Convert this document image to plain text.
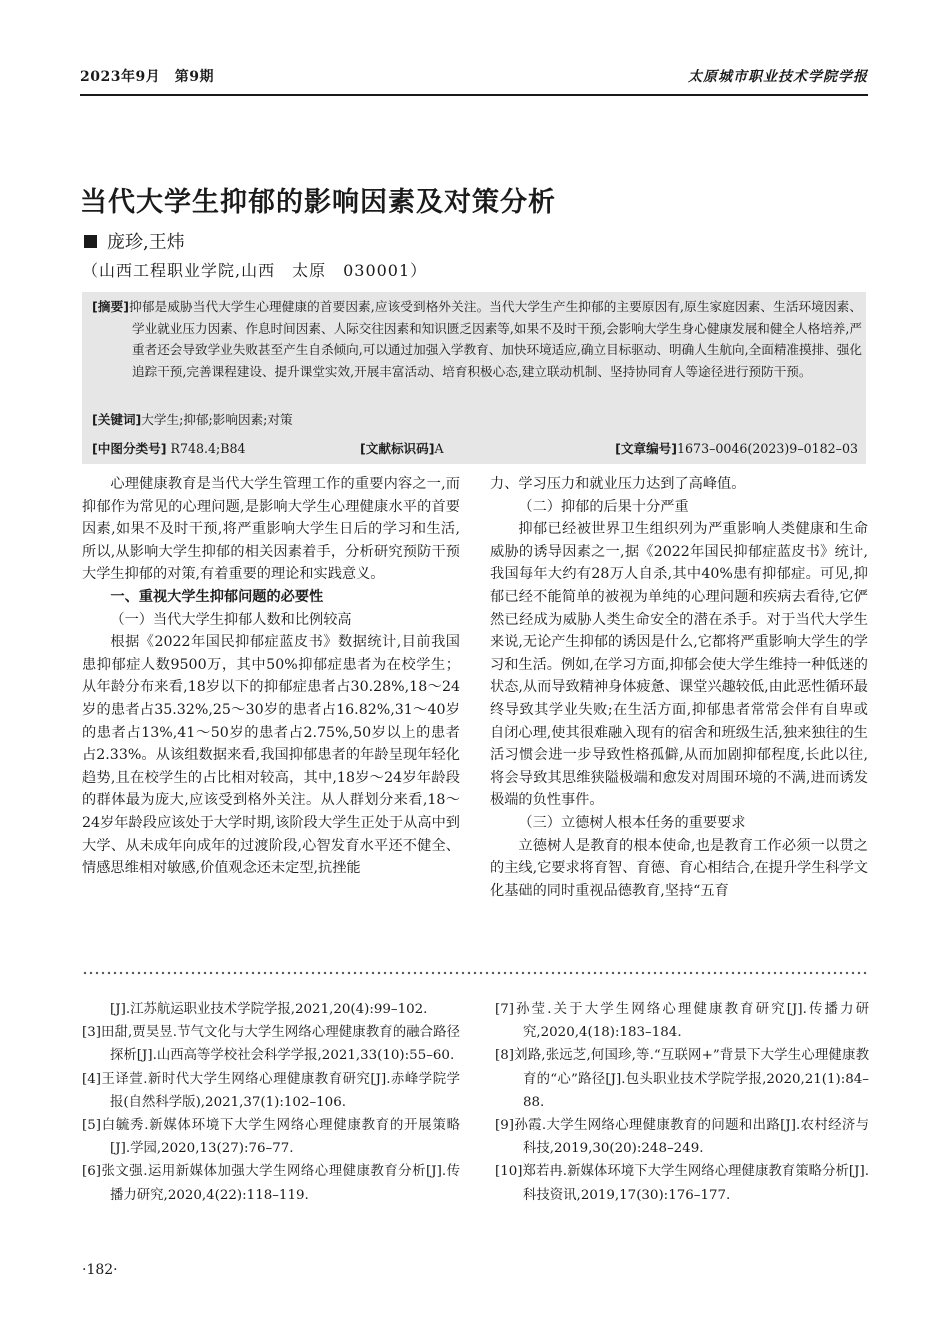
2023年9月　第9期	太原城市职业技术学院学报
当代大学生抑郁的影响因素及对策分析
庞珍,王炜
（山西工程职业学院,山西　太原　030001）
[摘要]抑郁是威胁当代大学生心理健康的首要因素,应该受到格外关注。当代大学生产生抑郁的主要原因有,原生家庭因素、生活环境因素、学业就业压力因素、作息时间因素、人际交往因素和知识匮乏因素等,如果不及时干预,会影响大学生身心健康发展和健全人格培养,严重者还会导致学业失败甚至产生自杀倾向,可以通过加强入学教育、加快环境适应,确立目标驱动、明确人生航向,全面精准摸排、强化追踪干预,完善课程建设、提升课堂实效,开展丰富活动、培育积极心态,建立联动机制、坚持协同育人等途径进行预防干预。
[关键词]大学生;抑郁;影响因素;对策
[中图分类号] R748.4;B84	[文献标识码]A	[文章编号]1673–0046(2023)9–0182–03

心理健康教育是当代大学生管理工作的重要内容之一,而抑郁作为常见的心理问题,是影响大学生心理健康水平的首要因素,如果不及时干预,将严重影响大学生日后的学习和生活,所以,从影响大学生抑郁的相关因素着手，分析研究预防干预大学生抑郁的对策,有着重要的理论和实践意义。

一、重视大学生抑郁问题的必要性

（一）当代大学生抑郁人数和比例较高

根据《2022年国民抑郁症蓝皮书》数据统计,目前我国患抑郁症人数9500万，其中50%抑郁症患者为在校学生；从年龄分布来看,18岁以下的抑郁症患者占30.28%,18～24岁的患者占35.32%,25～30岁的患者占16.82%,31～40岁的患者占13%,41～50岁的患者占2.75%,50岁以上的患者占2.33%。从该组数据来看,我国抑郁患者的年龄呈现年轻化趋势,且在校学生的占比相对较高，其中,18岁～24岁年龄段的群体最为庞大,应该受到格外关注。从人群划分来看,18～24岁年龄段应该处于大学时期,该阶段大学生正处于从高中到大学、从未成年向成年的过渡阶段,心智发育水平还不健全、情感思维相对敏感,价值观念还未定型,抗挫能

力、学习压力和就业压力达到了高峰值。

（二）抑郁的后果十分严重

抑郁已经被世界卫生组织列为严重影响人类健康和生命威胁的诱导因素之一,据《2022年国民抑郁症蓝皮书》统计,我国每年大约有28万人自杀,其中40%患有抑郁症。可见,抑郁已经不能简单的被视为单纯的心理问题和疾病去看待,它俨然已经成为威胁人类生命安全的潜在杀手。对于当代大学生来说,无论产生抑郁的诱因是什么,它都将严重影响大学生的学习和生活。例如,在学习方面,抑郁会使大学生维持一种低迷的状态,从而导致精神身体疲惫、课堂兴趣较低,由此恶性循环最终导致其学业失败;在生活方面,抑郁患者常常会伴有自卑或自闭心理,使其很难融入现有的宿舍和班级生活,独来独往的生活习惯会进一步导致性格孤僻,从而加剧抑郁程度,长此以往,将会导致其思维狭隘极端和愈发对周围环境的不满,进而诱发极端的负性事件。

（三）立德树人根本任务的重要要求

立德树人是教育的根本使命,也是教育工作必须一以贯之的主线,它要求将育智、育德、育心相结合,在提升学生科学文化基础的同时重视品德教育,坚持“五育

[J].江苏航运职业技术学院学报,2021,20(4):99–102.
[3]田甜,贾昊昱.节气文化与大学生网络心理健康教育的融合路径探析[J].山西高等学校社会科学学报,2021,33(10):55–60.
[4]王译萱.新时代大学生网络心理健康教育研究[J].赤峰学院学报(自然科学版),2021,37(1):102–106.
[5]白毓秀.新媒体环境下大学生网络心理健康教育的开展策略[J].学园,2020,13(27):76–77.
[6]张文强.运用新媒体加强大学生网络心理健康教育分析[J].传播力研究,2020,4(22):118–119.
[7]孙莹.关于大学生网络心理健康教育研究[J].传播力研究,2020,4(18):183–184.
[8]刘路,张远芝,何国珍,等.“互联网+”背景下大学生心理健康教育的“心”路径[J].包头职业技术学院学报,2020,21(1):84–88.
[9]孙霞.大学生网络心理健康教育的问题和出路[J].农村经济与科技,2019,30(20):248–249.
[10]郑若冉.新媒体环境下大学生网络心理健康教育策略分析[J].科技资讯,2019,17(30):176–177.
·182·
